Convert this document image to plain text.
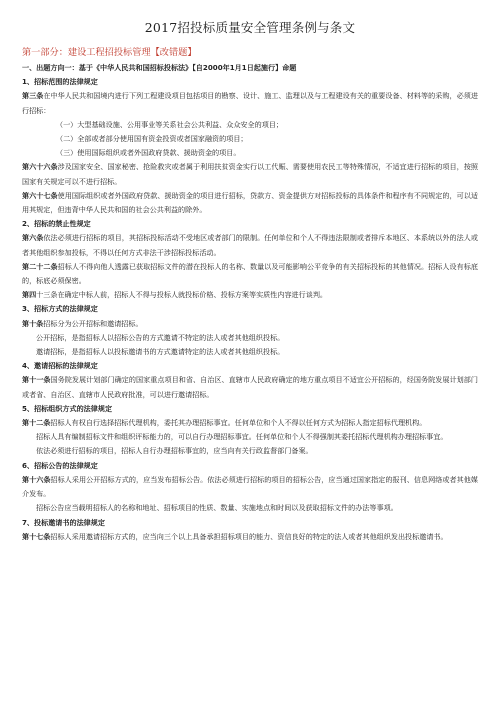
2017招投标质量安全管理条例与条文
第一部分：建设工程招投标管理【改错题】

一、出题方向一：基于《中华人民共和国招标投标法》【自2000年1月1日起施行】命题

1、招标范围的法律规定

第三条在中华人民共和国境内进行下列工程建设项目包括项目的勘察、设计、施工、监理以及与工程建设有关的重要设备、材料等的采购，必须进行招标：

（一）大型基础设施、公用事业等关系社会公共利益、众众安全的项目；

（二）全部或者部分使用国有资金投资或者国家融资的项目；

（三）使用国际组织或者外国政府贷款、援助资金的项目。

第六十六条涉及国家安全、国家秘密、抢险救灾或者属于利用扶贫资金实行以工代赈、需要使用农民工等特殊情况，不适宜进行招标的项目，按照国家有关规定可以不进行招标。

第六十七条使用国际组织或者外国政府贷款、援助资金的项目进行招标，贷款方、资金提供方对招标投标的具体条件和程序有不同规定的，可以适用其规定，但违背中华人民共和国的社会公共利益的除外。

2、招标的禁止性规定

第六条依法必须进行招标的项目，其招标投标活动不受地区或者部门的限制。任何单位和个人不得违法限制或者排斥本地区、本系统以外的法人或者其他组织参加投标，不得以任何方式非法干涉招标投标活动。

第二十二条招标人不得向他人透露已获取招标文件的潜在投标人的名称、数量以及可能影响公平竞争的有关招标投标的其他情况。招标人设有标底的，标底必须保密。

第四十三条在确定中标人前，招标人不得与投标人就投标价格、投标方案等实质性内容进行谈判。

3、招标方式的法律规定

第十条招标分为公开招标和邀请招标。

公开招标，是指招标人以招标公告的方式邀请不特定的法人或者其他组织投标。

邀请招标，是指招标人以投标邀请书的方式邀请特定的法人或者其他组织投标。

4、邀请招标的法律规定

第十一条国务院发展计划部门确定的国家重点项目和省、自治区、直辖市人民政府确定的地方重点项目不适宜公开招标的，经国务院发展计划部门或者省、自治区、直辖市人民政府批准，可以进行邀请招标。

5、招标组织方式的法律规定

第十二条招标人有权自行选择招标代理机构，委托其办理招标事宜。任何单位和个人不得以任何方式为招标人指定招标代理机构。

招标人具有编制招标文件和组织评标能力的，可以自行办理招标事宜。任何单位和个人不得强制其委托招标代理机构办理招标事宜。

依法必须进行招标的项目，招标人自行办理招标事宜的，应当向有关行政监督部门备案。

6、招标公告的法律规定

第十六条招标人采用公开招标方式的，应当发布招标公告。依法必须进行招标的项目的招标公告，应当通过国家指定的报刊、信息网络或者其他媒介发布。

招标公告应当载明招标人的名称和地址、招标项目的性质、数量、实施地点和时间以及获取招标文件的办法等事项。

7、投标邀请书的法律规定

第十七条招标人采用邀请招标方式的，应当向三个以上具备承担招标项目的能力、资信良好的特定的法人或者其他组织发出投标邀请书。
